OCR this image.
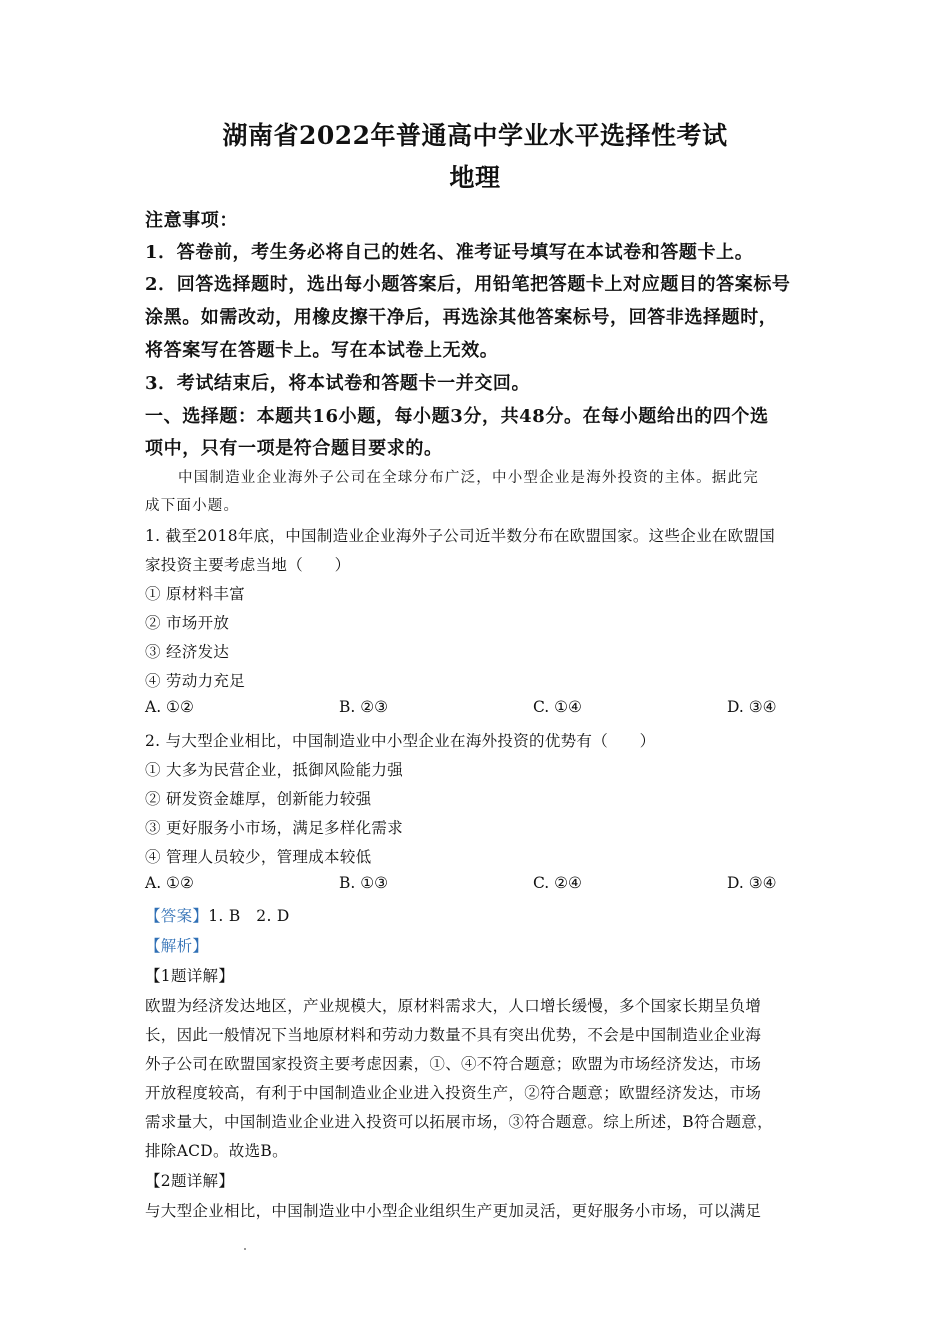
湖南省2022年普通高中学业水平选择性考试
地理
注意事项：
1．答卷前，考生务必将自己的姓名、准考证号填写在本试卷和答题卡上。
2．回答选择题时，选出每小题答案后，用铅笔把答题卡上对应题目的答案标号
涂黑。如需改动，用橡皮擦干净后，再选涂其他答案标号，回答非选择题时，
将答案写在答题卡上。写在本试卷上无效。
3．考试结束后，将本试卷和答题卡一并交回。
一、选择题：本题共16小题，每小题3分，共48分。在每小题给出的四个选
项中，只有一项是符合题目要求的。
中国制造业企业海外子公司在全球分布广泛，中小型企业是海外投资的主体。据此完
成下面小题。
1. 截至2018年底，中国制造业企业海外子公司近半数分布在欧盟国家。这些企业在欧盟国
家投资主要考虑当地（　　）
① 原材料丰富
② 市场开放
③ 经济发达
④ 劳动力充足
A. ①②	B. ②③	C. ①④	D. ③④
2. 与大型企业相比，中国制造业中小型企业在海外投资的优势有（　　）
① 大多为民营企业，抵御风险能力强
② 研发资金雄厚，创新能力较强
③ 更好服务小市场，满足多样化需求
④ 管理人员较少，管理成本较低
A. ①②	B. ①③	C. ②④	D. ③④
【答案】1. B　2. D
【解析】
【1题详解】
欧盟为经济发达地区，产业规模大，原材料需求大，人口增长缓慢，多个国家长期呈负增
长，因此一般情况下当地原材料和劳动力数量不具有突出优势，不会是中国制造业企业海
外子公司在欧盟国家投资主要考虑因素，①、④不符合题意；欧盟为市场经济发达，市场
开放程度较高，有利于中国制造业企业进入投资生产，②符合题意；欧盟经济发达，市场
需求量大，中国制造业企业进入投资可以拓展市场，③符合题意。综上所述，B符合题意，
排除ACD。故选B。
【2题详解】
与大型企业相比，中国制造业中小型企业组织生产更加灵活，更好服务小市场，可以满足
